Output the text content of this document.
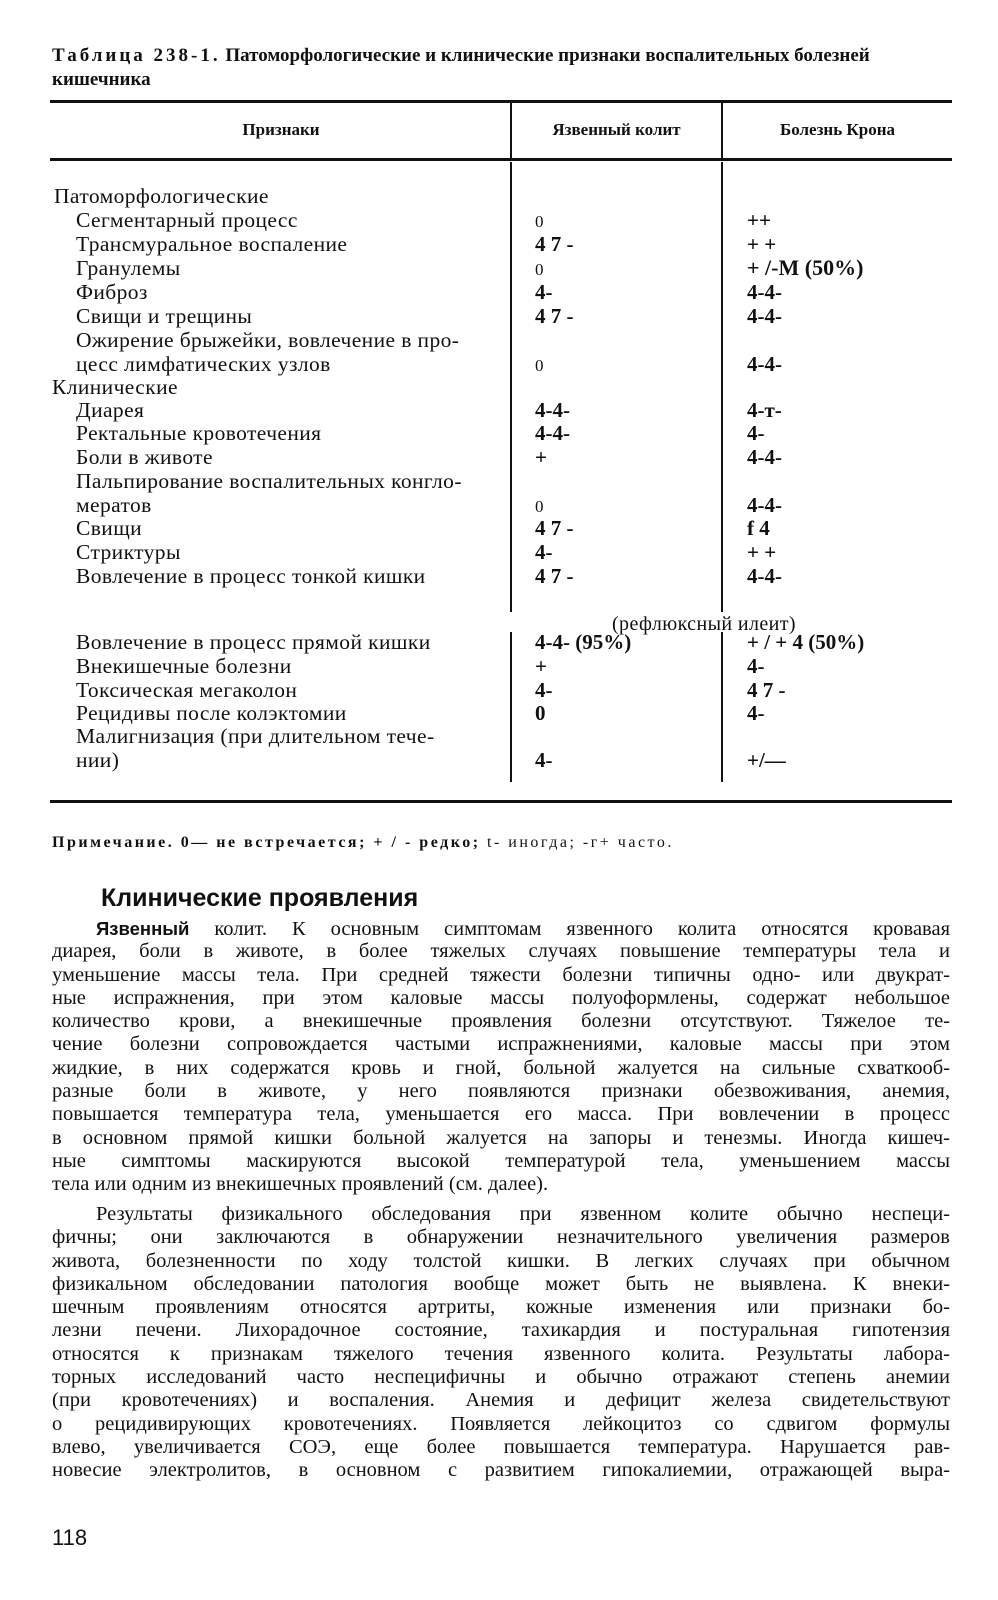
Таблица 238-1. Патоморфологические и клинические признаки воспалительных болезней кишечника
Признаки	Язвенный колит	Болезнь Крона
Патоморфологические
Сегментарный процесс	0	++
Трансмуральное воспаление	4 7 -	+ +
Гранулемы	0	+ /-М (50%)
Фиброз	4-	4-4-
Свищи и трещины	4 7 -	4-4-
Ожирение брыжейки, вовлечение в про-
цесс лимфатических узлов	0	4-4-
Клинические
Диарея	4-4-	4-т-
Ректальные кровотечения	4-4-	4-
Боли в животе	+	4-4-
Пальпирование воспалительных конгло-
мератов	0	4-4-
Свищи	4 7 -	f 4
Стриктуры	4-	+ +
Вовлечение в процесс тонкой кишки	4 7 -	4-4-
(рефлюксный илеит)
Вовлечение в процесс прямой кишки	4-4- (95%)	+ / + 4 (50%)
Внекишечные болезни	+	4-
Токсическая мегаколон	4-	4 7 -
Рецидивы после колэктомии	0	4-
Малигнизация (при длительном тече-
нии)	4-	+/—
Примечание. 0— не встречается; + / - редко; t- иногда; -г+ часто.
Клинические проявления
Язвенный колит. К основным симптомам язвенного колита относятся кровавая
диарея, боли в животе, в более тяжелых случаях повышение температуры тела и
уменьшение массы тела. При средней тяжести болезни типичны одно- или двукрат-
ные испражнения, при этом каловые массы полуоформлены, содержат небольшое
количество крови, а внекишечные проявления болезни отсутствуют. Тяжелое те-
чение болезни сопровождается частыми испражнениями, каловые массы при этом
жидкие, в них содержатся кровь и гной, больной жалуется на сильные схваткооб-
разные боли в животе, у него появляются признаки обезвоживания, анемия,
повышается температура тела, уменьшается его масса. При вовлечении в процесс
в основном прямой кишки больной жалуется на запоры и тенезмы. Иногда кишеч-
ные симптомы маскируются высокой температурой тела, уменьшением массы
тела или одним из внекишечных проявлений (см. далее).
Результаты физикального обследования при язвенном колите обычно неспеци-
фичны; они заключаются в обнаружении незначительного увеличения размеров
живота, болезненности по ходу толстой кишки. В легких случаях при обычном
физикальном обследовании патология вообще может быть не выявлена. К внеки-
шечным проявлениям относятся артриты, кожные изменения или признаки бо-
лезни печени. Лихорадочное состояние, тахикардия и постуральная гипотензия
относятся к признакам тяжелого течения язвенного колита. Результаты лабора-
торных исследований часто неспецифичны и обычно отражают степень анемии
(при кровотечениях) и воспаления. Анемия и дефицит железа свидетельствуют
о рецидивирующих кровотечениях. Появляется лейкоцитоз со сдвигом формулы
влево, увеличивается СОЭ, еще более повышается температура. Нарушается рав-
новесие электролитов, в основном с развитием гипокалиемии, отражающей выра-
118
